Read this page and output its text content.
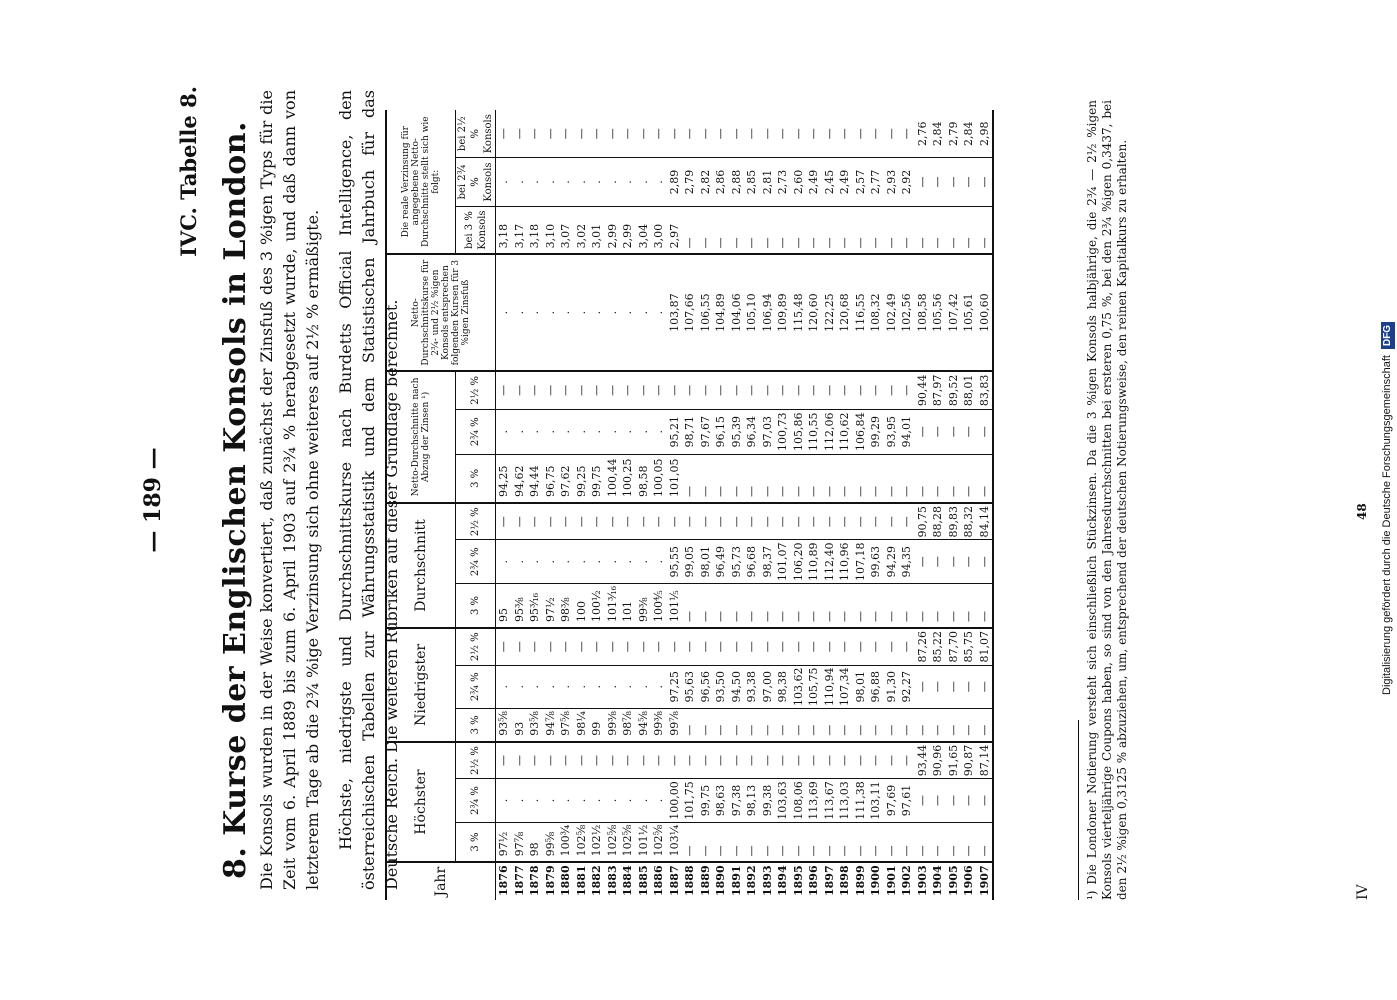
— 189 —
IVC. Tabelle 8. 8. Kurse der Englischen Konsols in London. Die Konsols wurden in der Weise konvertiert, daß zunächst der Zinsfuß des 3 %igen Typs für die Zeit vom 6. April 1889 bis zum 6. April 1903 auf 2¾ % herabgesetzt wurde, und daß dann von letzterem Tage ab die 2¾ %ige Verzinsung sich ohne weiteres auf 2½ % ermäßigte. Höchste, niedrigste und Durchschnittskurse nach Burdetts Official Intelligence, den österreichischen Tabellen zur Währungsstatistik und dem Statistischen Jahrbuch für das Deutsche Reich. Die weiteren Rubriken auf dieser Grundlage berechnet. Jahr	Höchster			Niedrigster			Durchschnitt			Netto-Durchschnitte nach Abzug der Zinsen ¹)			Netto-Durchschnittskurse für 2¾- und 2½ %igen Konsols entsprechen folgenden Kursen für 3 %igen Zinsfuß	Die reale Verzinsung für angegebene Netto-Durchschnitte stellt sich wie folgt:		
	3 %	2¾ %	2½ %	3 %	2¾ %	2½ %	3 %	2¾ %	2½ %	3 %	2¾ %	2½ %		bei 3 % Konsols	bei 2¾ % Konsols	bei 2½ % Konsols
1876	97½	.	—	93⅝	.	—	95	.	—	94,25	.	—	.	3,18	.	—
1877	97⅞	.	—	93	.	—	95⅜	.	—	94,62	.	—	.	3,17	.	—
1878	98	.	—	93⅝	.	—	95³⁄₁₆	.	—	94,44	.	—	.	3,18	.	—
1879	99⅝	.	—	94⅞	.	—	97½	.	—	96,75	.	—	.	3,10	.	—
1880	100¾	.	—	97⅝	.	—	98⅜	.	—	97,62	.	—	.	3,07	.	—
1881	102⅝	.	—	98¼	.	—	100	.	—	99,25	.	—	.	3,02	.	—
1882	102½	.	—	99	.	—	100½	.	—	99,75	.	—	.	3,01	.	—
1883	102⅝	.	—	99⅜	.	—	101³⁄₁₆	.	—	100,44	.	—	.	2,99	.	—
1884	102⅝	.	—	98⅞	.	—	101	.	—	100,25	.	—	.	2,99	.	—
1885	101½	.	—	94⅝	.	—	99⅜	.	—	98,58	.	—	.	3,04	.	—
1886	102⅝	.	—	99⅜	.	—	100⅘	.	—	100,05	.	—	.	3,00	.	—
1887	103¼	100,00	—	99⅞	97,25	—	101⅕	95,55	—	101,05	95,21	—	103,87	2,97	2,89	—
1888	—	101,75	—	—	95,63	—	—	99,05	—	—	98,71	—	107,66	—	2,79	—
1889	—	99,75	—	—	96,56	—	—	98,01	—	—	97,67	—	106,55	—	2,82	—
1890	—	98,63	—	—	93,50	—	—	96,49	—	—	96,15	—	104,89	—	2,86	—
1891	—	97,38	—	—	94,50	—	—	95,73	—	—	95,39	—	104,06	—	2,88	—
1892	—	98,13	—	—	93,38	—	—	96,68	—	—	96,34	—	105,10	—	2,85	—
1893	—	99,38	—	—	97,00	—	—	98,37	—	—	97,03	—	106,94	—	2,81	—
1894	—	103,63	—	—	98,38	—	—	101,07	—	—	100,73	—	109,89	—	2,73	—
1895	—	108,06	—	—	103,62	—	—	106,20	—	—	105,86	—	115,48	—	2,60	—
1896	—	113,69	—	—	105,75	—	—	110,89	—	—	110,55	—	120,60	—	2,49	—
1897	—	113,67	—	—	110,94	—	—	112,40	—	—	112,06	—	122,25	—	2,45	—
1898	—	113,03	—	—	107,34	—	—	110,96	—	—	110,62	—	120,68	—	2,49	—
1899	—	111,38	—	—	98,01	—	—	107,18	—	—	106,84	—	116,55	—	2,57	—
1900	—	103,11	—	—	96,88	—	—	99,63	—	—	99,29	—	108,32	—	2,77	—
1901	—	97,69	—	—	91,30	—	—	94,29	—	—	93,95	—	102,49	—	2,93	—
1902	—	97,61	—	—	92,27	—	—	94,35	—	—	94,01	—	102,56	—	2,92	—
1903	—	—	93,44	—	—	87,26	—	—	90,75	—	—	90,44	108,58	—	—	2,76
1904	—	—	90,96	—	—	85,22	—	—	88,28	—	—	87,97	105,56	—	—	2,84
1905	—	—	91,65	—	—	87,70	—	—	89,83	—	—	89,52	107,42	—	—	2,79
1906	—	—	90,87	—	—	85,75	—	—	88,32	—	—	88,01	105,61	—	—	2,84
1907	—	—	87,14	—	—	81,07	—	—	84,14	—	—	83,83	100,60	—	—	2,98	¹) Die Londoner Notierung versteht sich einschließlich Stückzinsen. Da die 3 %igen Konsols halbjährige, die 2¾ — 2½ %igen Konsols vierteljährige Coupons haben, so sind von den Jahresdurchschnitten bei ersteren 0,75 %, bei den 2¾ %igen 0,3437, bei den 2½ %igen 0,3125 % abzuziehen, um, entsprechend der deutschen Notierungsweise, den reinen Kapitalkurs zu erhalten.	IV
48	Digitalisierung gefördert durch die Deutsche ForschungsgemeinschaftDFG
